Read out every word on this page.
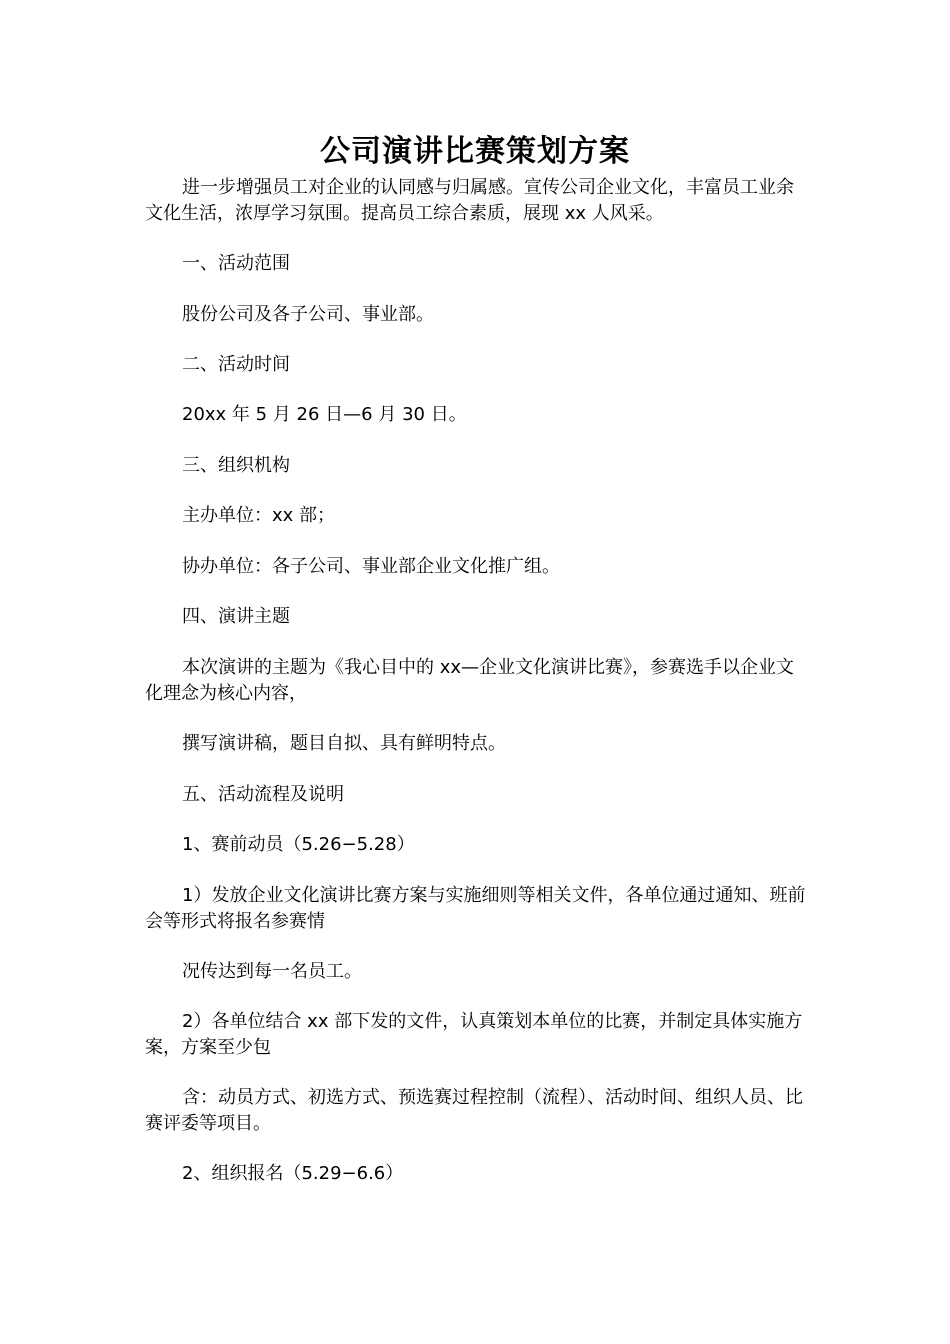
公司演讲比赛策划方案

进一步增强员工对企业的认同感与归属感。宣传公司企业文化，丰富员工业余文化生活，浓厚学习氛围。提高员工综合素质，展现 xx 人风采。

一、活动范围

股份公司及各子公司、事业部。

二、活动时间

20xx 年 5 月 26 日—6 月 30 日。

三、组织机构

主办单位：xx 部；

协办单位：各子公司、事业部企业文化推广组。

四、演讲主题

本次演讲的主题为《我心目中的 xx—企业文化演讲比赛》，参赛选手以企业文化理念为核心内容，

撰写演讲稿，题目自拟、具有鲜明特点。

五、活动流程及说明

1、赛前动员（5.26−5.28）

1）发放企业文化演讲比赛方案与实施细则等相关文件，各单位通过通知、班前会等形式将报名参赛情

况传达到每一名员工。

2）各单位结合 xx 部下发的文件，认真策划本单位的比赛，并制定具体实施方案，方案至少包

含：动员方式、初选方式、预选赛过程控制（流程）、活动时间、组织人员、比赛评委等项目。

2、组织报名（5.29−6.6）
